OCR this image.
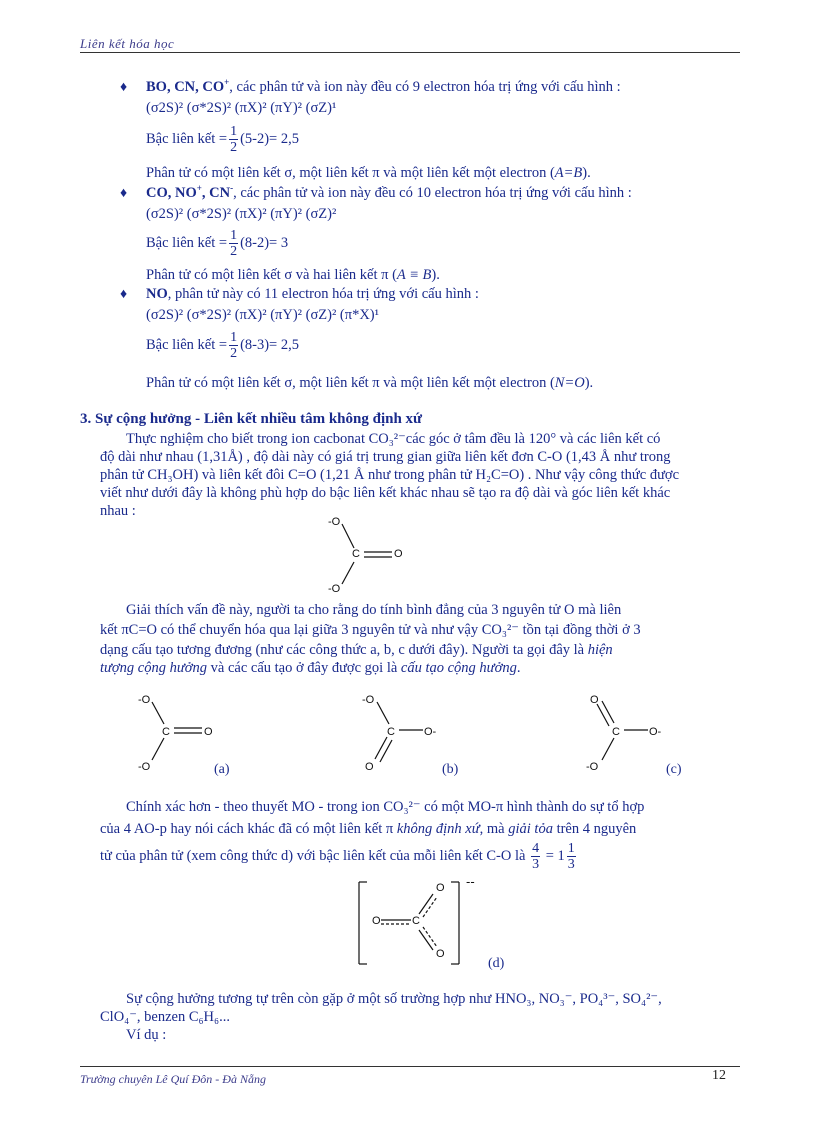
Liên kết hóa học
♦ BO, CN, CO+, các phân tử và ion này đều có 9 electron hóa trị ứng với cấu hình :
(σ2S)² (σ*2S)² (πX)² (πY)² (σZ)¹
Bậc liên kết = $\frac{1}{2} (5-2)= 2,5$
Phân tử có một liên kết σ, một liên kết π và một liên kết một electron (A=B).
♦ CO, NO+, CN-, các phân tử và ion này đều có 10 electron hóa trị ứng với cấu hình :
(σ2S)² (σ*2S)² (πX)² (πY)² (σZ)²
Bậc liên kết = $\frac{1}{2} (8-2)= 3$
Phân tử có một liên kết σ và hai liên kết π (A ≡ B).
♦ NO, phân tử này có 11 electron hóa trị ứng với cấu hình :
(σ2S)² (σ*2S)² (πX)² (πY)² (σZ)² (π*X)¹
Bậc liên kết = $\frac{1}{2} (8-3)= 2,5$
Phân tử có một liên kết σ, một liên kết π và một liên kết một electron (N=O).
3. Sự cộng hưởng - Liên kết nhiều tâm không định xứ
Thực nghiệm cho biết trong ion cacbonat CO₃²⁻các góc ở tâm đều là 120° và các liên kết có
độ dài như nhau (1,31Å) , độ dài này có giá trị trung gian giữa liên kết đơn C-O (1,43 Å như trong
phân tử CH₃OH) và liên kết đôi C=O (1,21 Å như trong phân tử H₂C=O) . Như vậy công thức được
viết như dưới đây là không phù hợp do bậc liên kết khác nhau sẽ tạo ra độ dài và góc liên kết khác
nhau :
-O
C	O
-O
Giải thích vấn đề này, người ta cho rằng do tính bình đẳng của 3 nguyên tử O mà liên
kết πC=O có thể chuyển hóa qua lại giữa 3 nguyên tử và như vậy CO₃²⁻ tồn tại đồng thời ở 3
dạng cấu tạo tương đương (như các công thức a, b, c dưới đây). Người ta gọi đây là hiện
tượng cộng hưởng và các cấu tạo ở đây được gọi là cấu tạo cộng hưởng.
-O
C	O
-O	(a)
-O
C	O-
O	(b)
O
C	O-
-O	(c)
Chính xác hơn - theo thuyết MO - trong ion CO₃²⁻ có một MO-π hình thành do sự tổ hợp
của 4 AO-p hay nói cách khác đã có một liên kết π không định xứ, mà giải tỏa trên 4 nguyên
tử của phân tử (xem công thức d) với bậc liên kết của mỗi liên kết C-O là $\frac{4}{3} = 1 \frac{1}{3}$
O	C
O
O
--
(d)
Sự cộng hưởng tương tự trên còn gặp ở một số trường hợp như HNO₃, NO₃⁻, PO₄³⁻, SO₄²⁻,
ClO₄⁻, benzen C₆H₆...
Ví dụ :
Trường chuyên Lê Quí Đôn - Đà Nẵng	12
